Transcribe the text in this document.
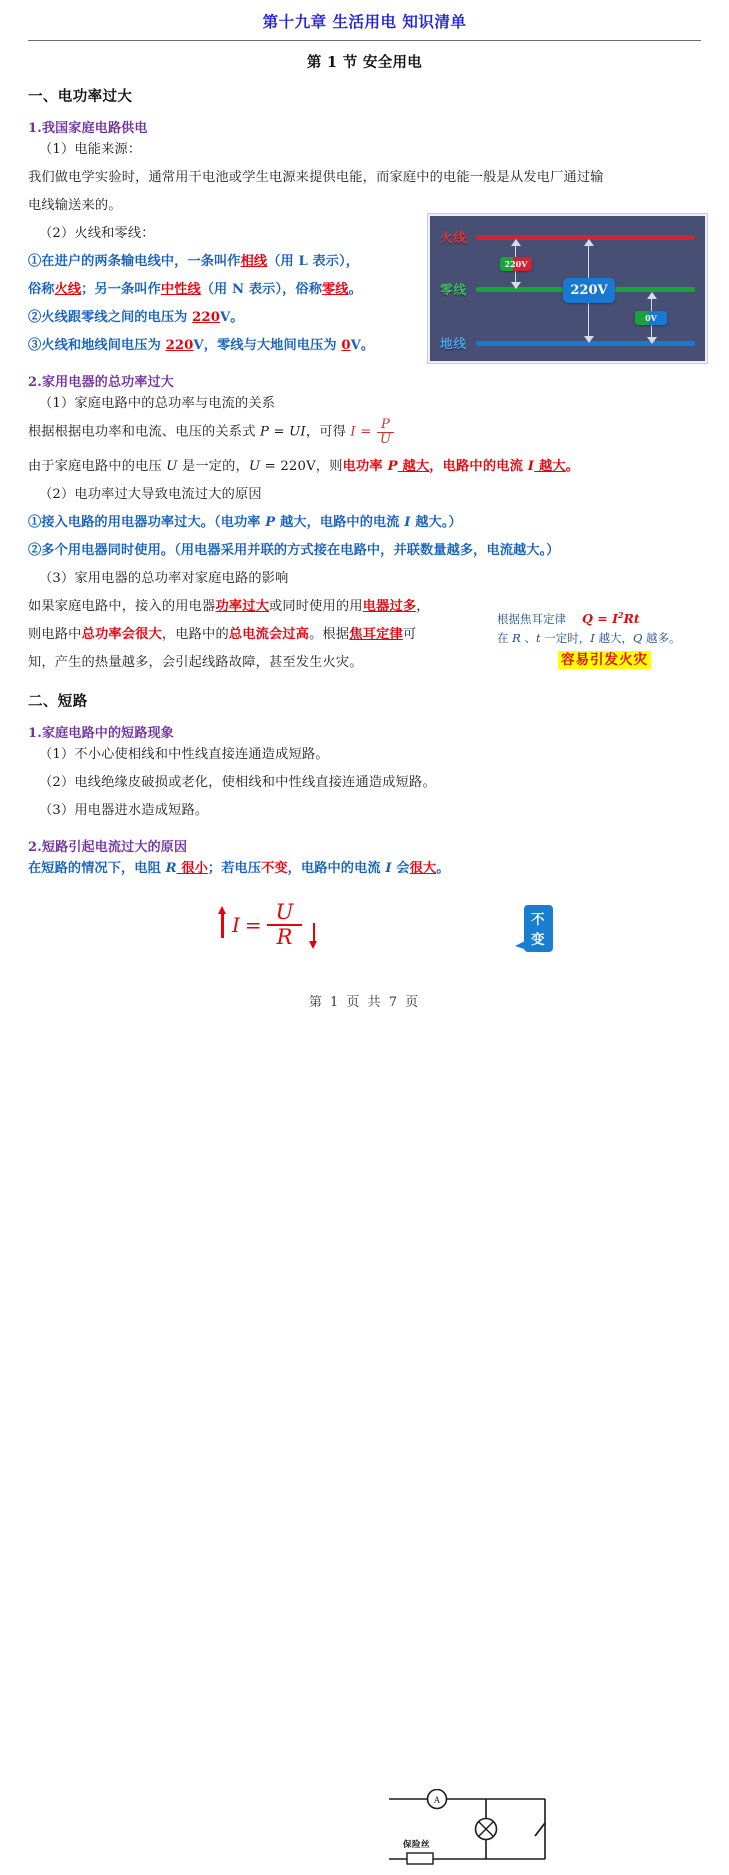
第十九章 生活用电 知识清单
第 1 节 安全用电
一、电功率过大
1.我国家庭电路供电
（1）电能来源：
我们做电学实验时，通常用干电池或学生电源来提供电能，而家庭中的电能一般是从发电厂通过输
电线输送来的。
（2）火线和零线：
①在进户的两条输电线中，一条叫作相线（用 L 表示），
俗称火线；另一条叫作中性线（用 N 表示），俗称零线。
②火线跟零线之间的电压为 220V。
③火线和地线间电压为 220V，零线与大地间电压为 0V。
火线
零线
地线
220V
220V
0V
2.家用电器的总功率过大
（1）家庭电路中的总功率与电流的关系
根据根据电功率和电流、电压的关系式 P = UI，可得 $I = \frac{P}{U}$
由于家庭电路中的电压 U 是一定的，U = 220V，则电功率 P 越大，电路中的电流 I 越大。
（2）电功率过大导致电流过大的原因
①接入电路的用电器功率过大。（电功率 P 越大，电路中的电流 I 越大。）
②多个用电器同时使用。（用电器采用并联的方式接在电路中，并联数量越多，电流越大。）
（3）家用电器的总功率对家庭电路的影响
如果家庭电路中，接入的用电器功率过大或同时使用的用电器过多，
则电路中总功率会很大，电路中的总电流会过高。根据焦耳定律可
知，产生的热量越多，会引起线路故障，甚至发生火灾。
根据焦耳定律 $Q = I^2Rt$
在 R 、t 一定时，I 越大，Q 越多。
容易引发火灾
二、短路
1.家庭电路中的短路现象
（1）不小心使相线和中性线直接连通造成短路。
（2）电线绝缘皮破损或老化，使相线和中性线直接连通造成短路。
（3）用电器进水造成短路。
2.短路引起电流过大的原因
在短路的情况下，电阻 R 很小；若电压不变，电路中的电流 I 会很大。
$I = \frac{U}{R}$	不变
A
保险丝
第 1 页 共 7 页
